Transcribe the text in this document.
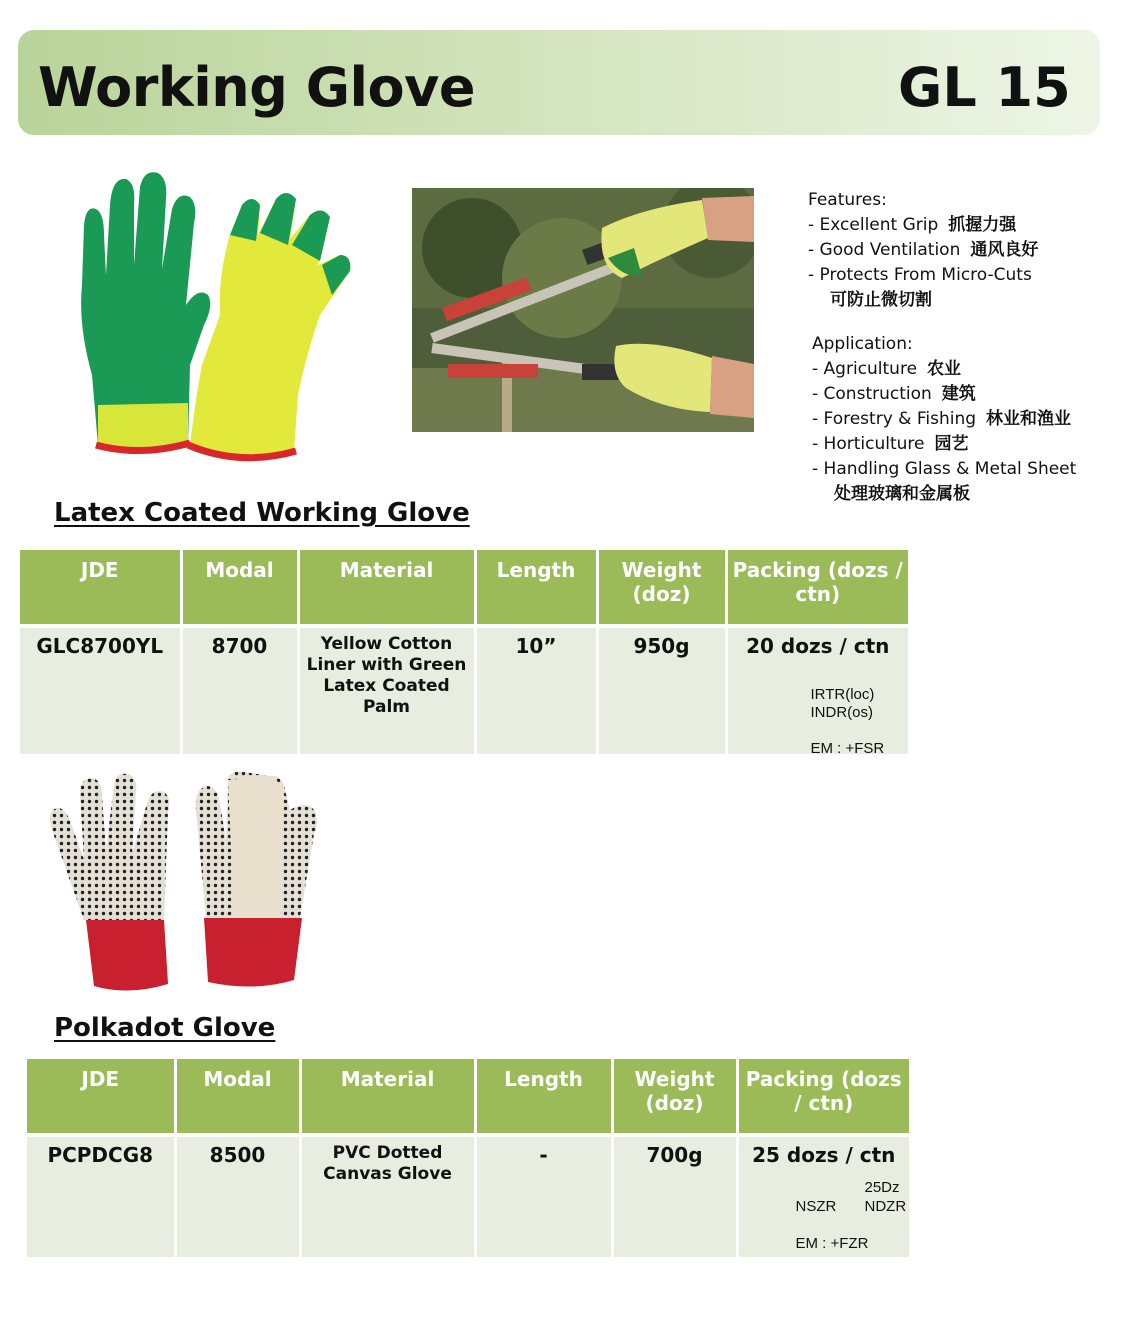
Working Glove	GL 15
Features:
- Excellent Grip 抓握力强
- Good Ventilation 通风良好
- Protects From Micro-Cuts
可防止微切割
Application:
- Agriculture 农业
- Construction 建筑
- Forestry & Fishing 林业和渔业
- Horticulture 园艺
- Handling Glass & Metal Sheet
处理玻璃和金属板
Latex Coated Working Glove
JDE	Modal	Material	Length	Weight (doz)	Packing (dozs / ctn)
GLC8700YL	8700	Yellow Cotton Liner with Green Latex Coated Palm	10”	950g	20 dozs / ctn
IRTR(loc)
INDR(os)
EM : +FSR
Polkadot Glove
JDE	Modal	Material	Length	Weight (doz)	Packing (dozs / ctn)
PCPDCG8	8500	PVC Dotted Canvas Glove	-	700g	25 dozs / ctn
25Dz
NSZR NDZR
EM : +FZR
